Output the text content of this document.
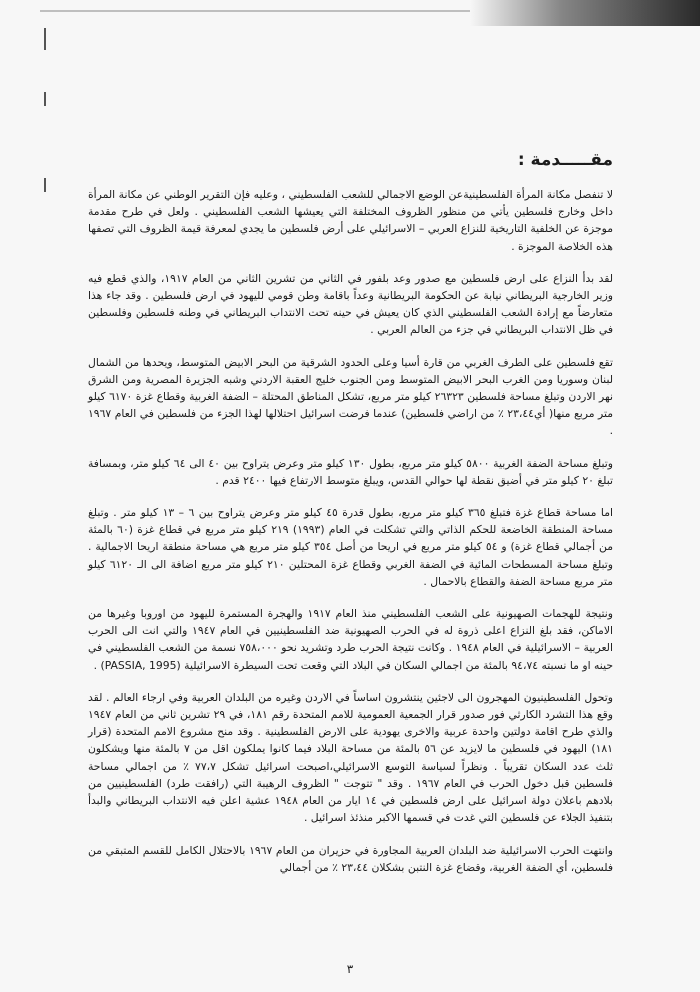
مقـــــدمة :

لا تنفصل مكانة المرأة الفلسطينيةعن الوضع الاجمالي للشعب الفلسطيني ، وعليه فإن التقرير الوطني عن مكانة المرأة داخل وخارج فلسطين يأتي من منظور الظروف المختلفة التي يعيشها الشعب الفلسطيني . ولعل في طرح مقدمة موجزة عن الخلفية التاريخية للنزاع العربي – الاسرائيلي على أرض فلسطين ما يجدي لمعرفة قيمة الظروف التي تصفها هذه الخلاصة الموجزة .

لقد بدأ النزاع على ارض فلسطين مع صدور وعد بلفور في الثاني من تشرين الثاني من العام ١٩١٧، والذي قطع فيه وزير الخارجية البريطاني نيابة عن الحكومة البريطانية وعداً باقامة وطن قومي لليهود في ارض فلسطين . وقد جاء هذا متعارضاً مع إرادة الشعب الفلسطيني الذي كان يعيش في حينه تحت الانتداب البريطاني في وطنه فلسطين وفلسطين في ظل الانتداب البريطاني في جزء من العالم العربي .

تقع فلسطين على الطرف الغربي من قارة أسيا وعلى الحدود الشرقية من البحر الابيض المتوسط، ويحدها من الشمال لبنان وسوريا ومن الغرب البحر الابيض المتوسط ومن الجنوب خليج العقبة الاردني وشبه الجزيرة المصرية ومن الشرق نهر الاردن وتبلغ مساحة فلسطين ٢٦٣٢٣ كيلو متر مربع، تشكل المناطق المحتلة – الضفة الغربية وقطاع غزة ٦١٧٠ كيلو متر مربع منها( أي٢٣،٤٤ ٪ من اراضي فلسطين) عندما فرضت اسرائيل احتلالها لهذا الجزء من فلسطين في العام ١٩٦٧ .

وتبلغ مساحة الضفة الغربية ٥٨٠٠ كيلو متر مربع، بطول ١٣٠ كيلو متر وعرض يتراوح بين ٤٠ الى ٦٤ كيلو متر، وبمسافة تبلغ ٢٠ كيلو متر في أضيق نقطة لها حوالي القدس، ويبلغ متوسط الارتفاع فيها ٢٤٠٠ قدم .

اما مساحة قطاع غزة فتبلغ ٣٦٥ كيلو متر مربع، بطول قدرة ٤٥ كيلو متر وعرض يتراوح بين ٦ – ١٣ كيلو متر . وتبلغ مساحة المنطقة الخاضعة للحكم الذاتي والتي تشكلت في العام (١٩٩٣) ٢١٩ كيلو متر مربع في قطاع غزة (٦٠ بالمئة من أجمالي قطاع غزة) و ٥٤ كيلو متر مربع في اريحا من أصل ٣٥٤ كيلو متر مربع هي مساحة منطقة اريحا الاجمالية . وتبلغ مساحة المسطحات المائية في الضفة الغربي وقطاع غزة المحتلين ٢١٠ كيلو متر مربع اضافة الى الـ ٦١٢٠ كيلو متر مربع مساحة الضفة والقطاع بالاحمال .

ونتيجة للهجمات الصهيونية على الشعب الفلسطيني منذ العام ١٩١٧ والهجرة المستمرة لليهود من اوروبا وغيرها من الاماكن، فقد بلغ النزاع اعلى ذروة له في الحرب الصهيونية ضد الفلسطينيين في العام ١٩٤٧ والتي انت الى الحرب العربية – الاسرائيلية في العام ١٩٤٨ . وكانت نتيجة الحرب طرد وتشريد نحو ٧٥٨،٠٠٠ نسمة من الشعب الفلسطيني في حينه او ما نسبته ٩٤،٧٤ بالمئة من اجمالي السكان في البلاد التي وقعت تحت السيطرة الاسرائيلية (PASSIA, 1995) .

وتحول الفلسطينيون المهجرون الى لاجئين ينتشرون اساساً في الاردن وغيره من البلدان العربية وفي ارجاء العالم . لقد وقع هذا التشرد الكارثي فور صدور قرار الجمعية العمومية للامم المتحدة رقم ١٨١، في ٢٩ تشرين ثاني من العام ١٩٤٧ والذي طرح اقامة دولتين واحدة عربية والاخرى يهودية على الارض الفلسطينية . وقد منح مشروع الامم المتحدة (قرار ١٨١) اليهود في فلسطين ما لايزيد عن ٥٦ بالمئة من مساحة البلاد فيما كانوا يملكون اقل من ٧ بالمئة منها ويشكلون ثلث عدد السكان تقريباً . ونظراً لسياسة التوسع الاسرائيلي،اصبحت اسرائيل تشكل ٧٧،٧ ٪ من اجمالي مساحة فلسطين قبل دخول الحرب في العام ١٩٦٧ . وقد " تتوجت " الظروف الرهيبة التي (رافقت طرد) الفلسطينيين من بلادهم باعلان دولة اسرائيل على ارض فلسطين في ١٤ ايار من العام ١٩٤٨ عشية اعلن فيه الانتداب البريطاني والبدأ بتنفيذ الجلاء عن فلسطين التي غدت في قسمها الاكبر منذئذ اسرائيل .

وانتهت الحرب الاسرائيلية ضد البلدان العربية المجاورة في حزيران من العام ١٩٦٧ بالاحتلال الكامل للقسم المتبقي من فلسطين، أي الضفة الغربية، وقضاع غزة النتبن بشكلان ٢٣،٤٤ ٪ من أجمالي

٣
